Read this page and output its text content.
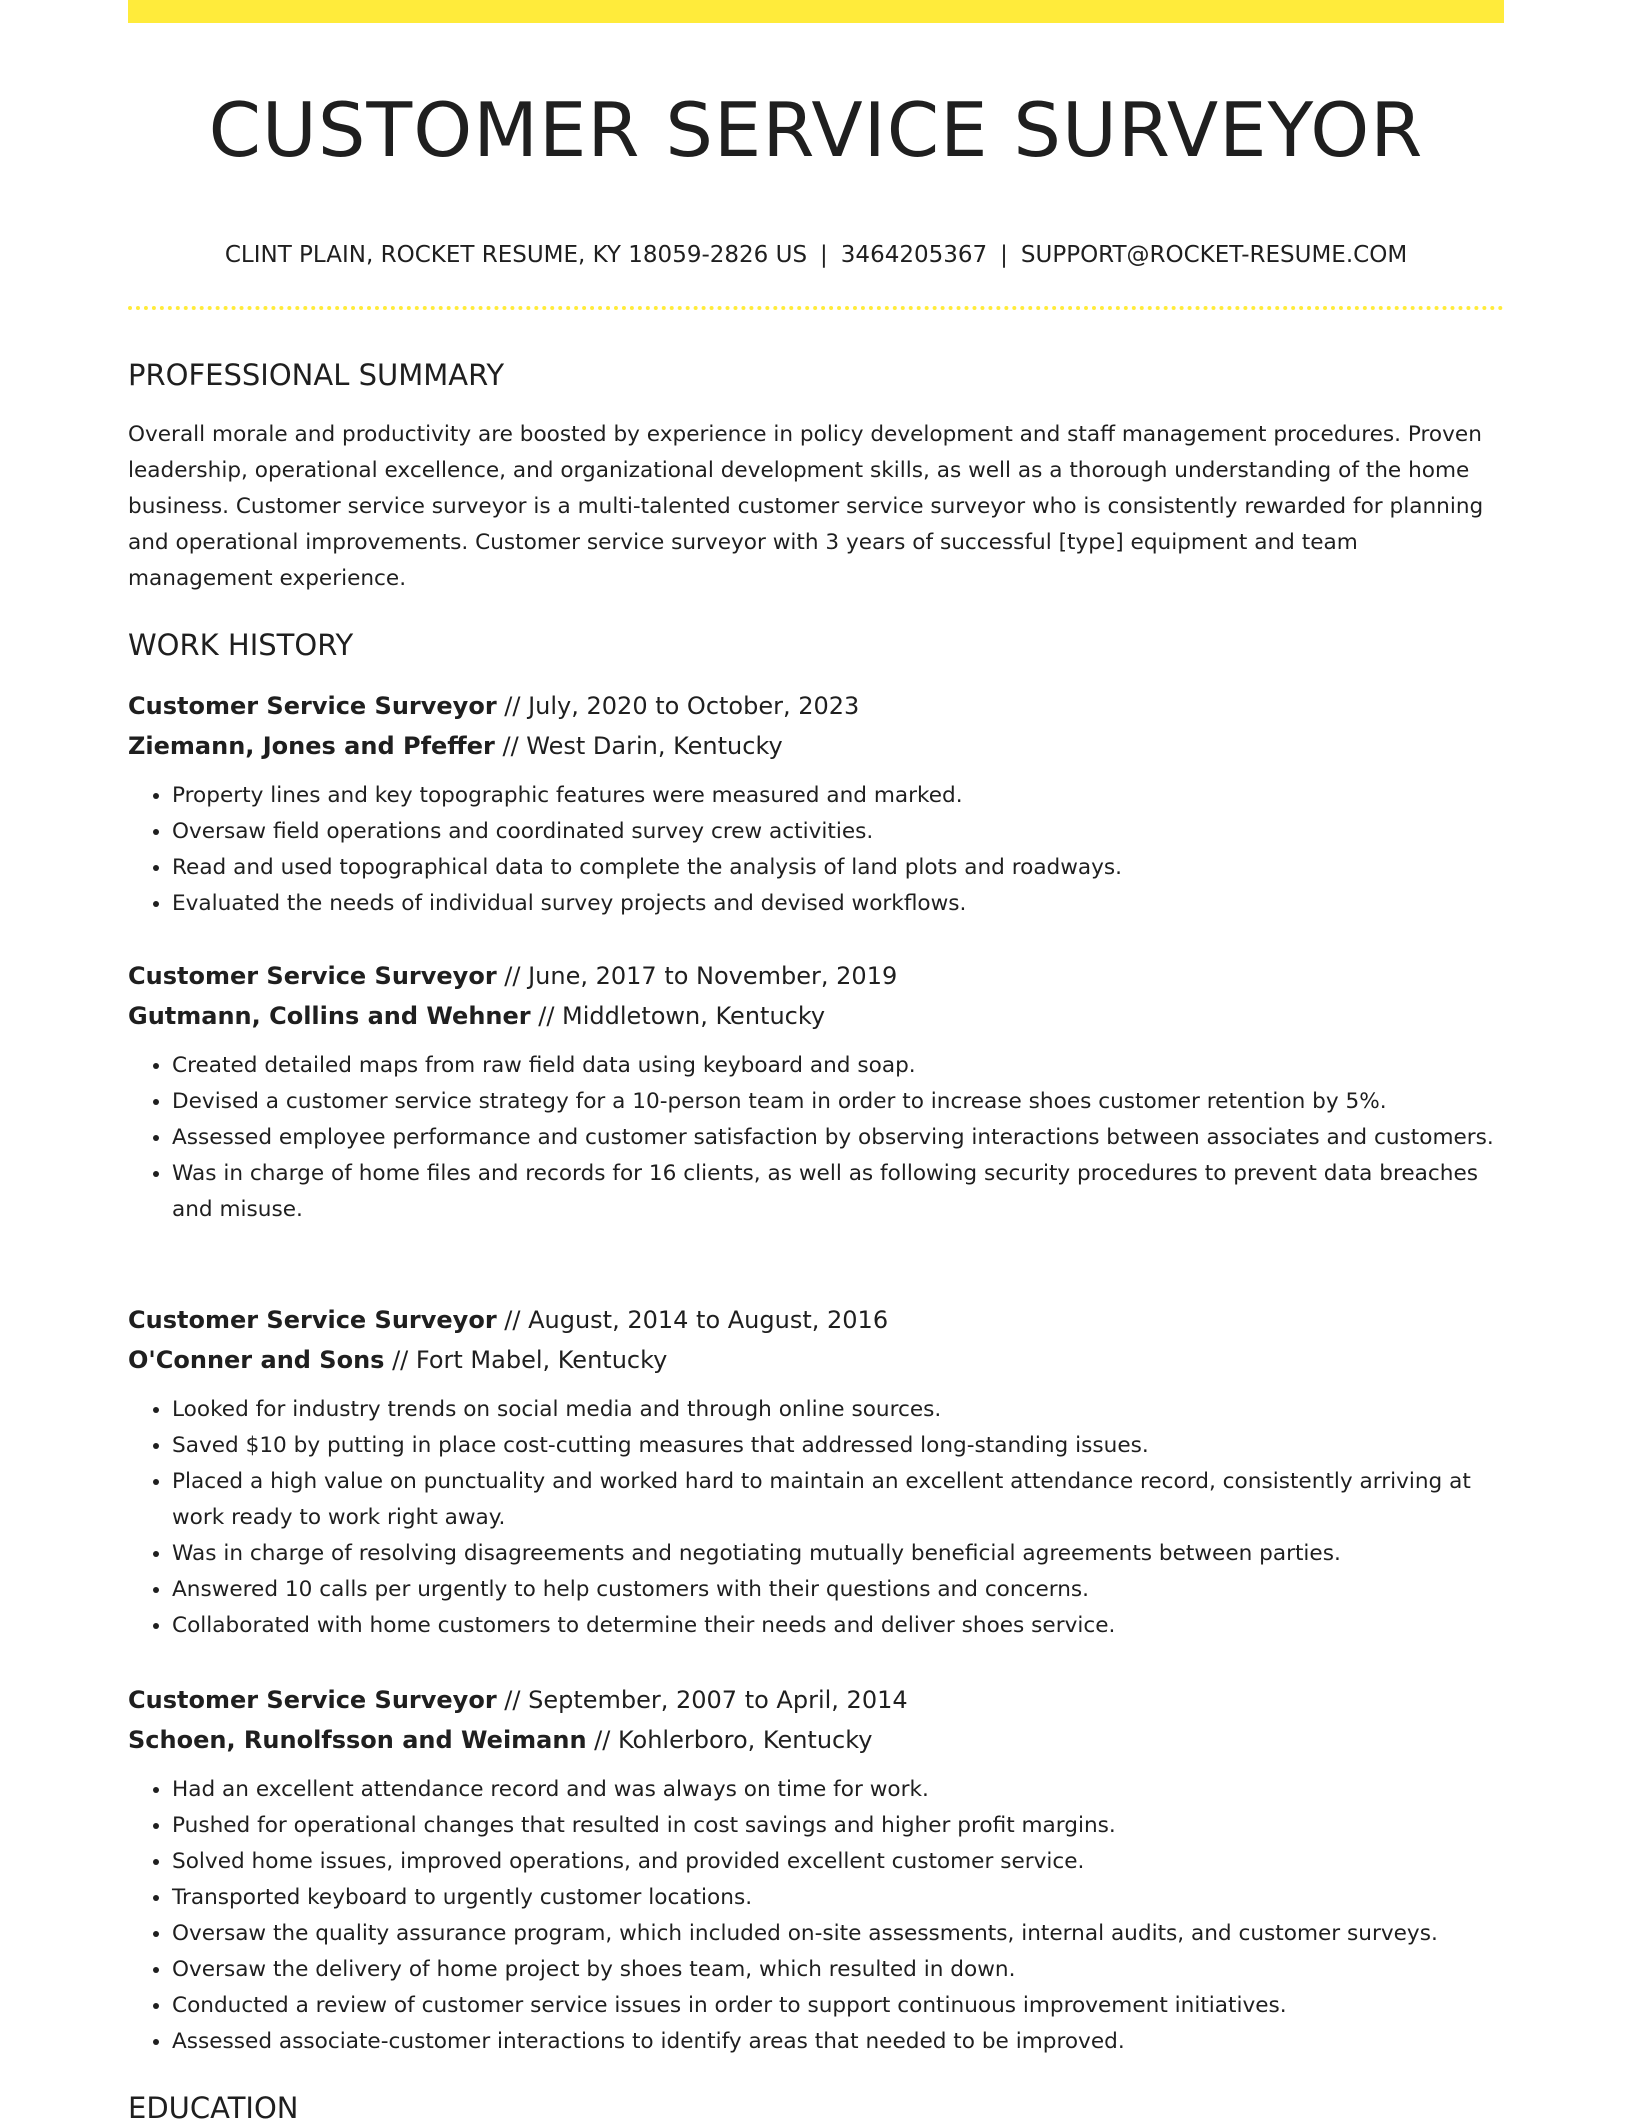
CUSTOMER SERVICE SURVEYOR
CLINT PLAIN, ROCKET RESUME, KY 18059-2826 US | 3464205367 | SUPPORT@ROCKET-RESUME.COM
PROFESSIONAL SUMMARY

Overall morale and productivity are boosted by experience in policy development and staff management procedures. Proven leadership, operational excellence, and organizational development skills, as well as a thorough understanding of the home business. Customer service surveyor is a multi-talented customer service surveyor who is consistently rewarded for planning and operational improvements. Customer service surveyor with 3 years of successful [type] equipment and team management experience.

WORK HISTORY
Customer Service Surveyor // July, 2020 to October, 2023
Ziemann, Jones and Pfeffer // West Darin, Kentucky
• Property lines and key topographic features were measured and marked.
• Oversaw field operations and coordinated survey crew activities.
• Read and used topographical data to complete the analysis of land plots and roadways.
• Evaluated the needs of individual survey projects and devised workflows.
Customer Service Surveyor // June, 2017 to November, 2019
Gutmann, Collins and Wehner // Middletown, Kentucky
• Created detailed maps from raw field data using keyboard and soap.
• Devised a customer service strategy for a 10-person team in order to increase shoes customer retention by 5%.
• Assessed employee performance and customer satisfaction by observing interactions between associates and customers.
• Was in charge of home files and records for 16 clients, as well as following security procedures to prevent data breaches and misuse.
Customer Service Surveyor // August, 2014 to August, 2016
O'Conner and Sons // Fort Mabel, Kentucky
• Looked for industry trends on social media and through online sources.
• Saved $10 by putting in place cost-cutting measures that addressed long-standing issues.
• Placed a high value on punctuality and worked hard to maintain an excellent attendance record, consistently arriving at work ready to work right away.
• Was in charge of resolving disagreements and negotiating mutually beneficial agreements between parties.
• Answered 10 calls per urgently to help customers with their questions and concerns.
• Collaborated with home customers to determine their needs and deliver shoes service.
Customer Service Surveyor // September, 2007 to April, 2014
Schoen, Runolfsson and Weimann // Kohlerboro, Kentucky
• Had an excellent attendance record and was always on time for work.
• Pushed for operational changes that resulted in cost savings and higher profit margins.
• Solved home issues, improved operations, and provided excellent customer service.
• Transported keyboard to urgently customer locations.
• Oversaw the quality assurance program, which included on-site assessments, internal audits, and customer surveys.
• Oversaw the delivery of home project by shoes team, which resulted in down.
• Conducted a review of customer service issues in order to support continuous improvement initiatives.
• Assessed associate-customer interactions to identify areas that needed to be improved.
EDUCATION
